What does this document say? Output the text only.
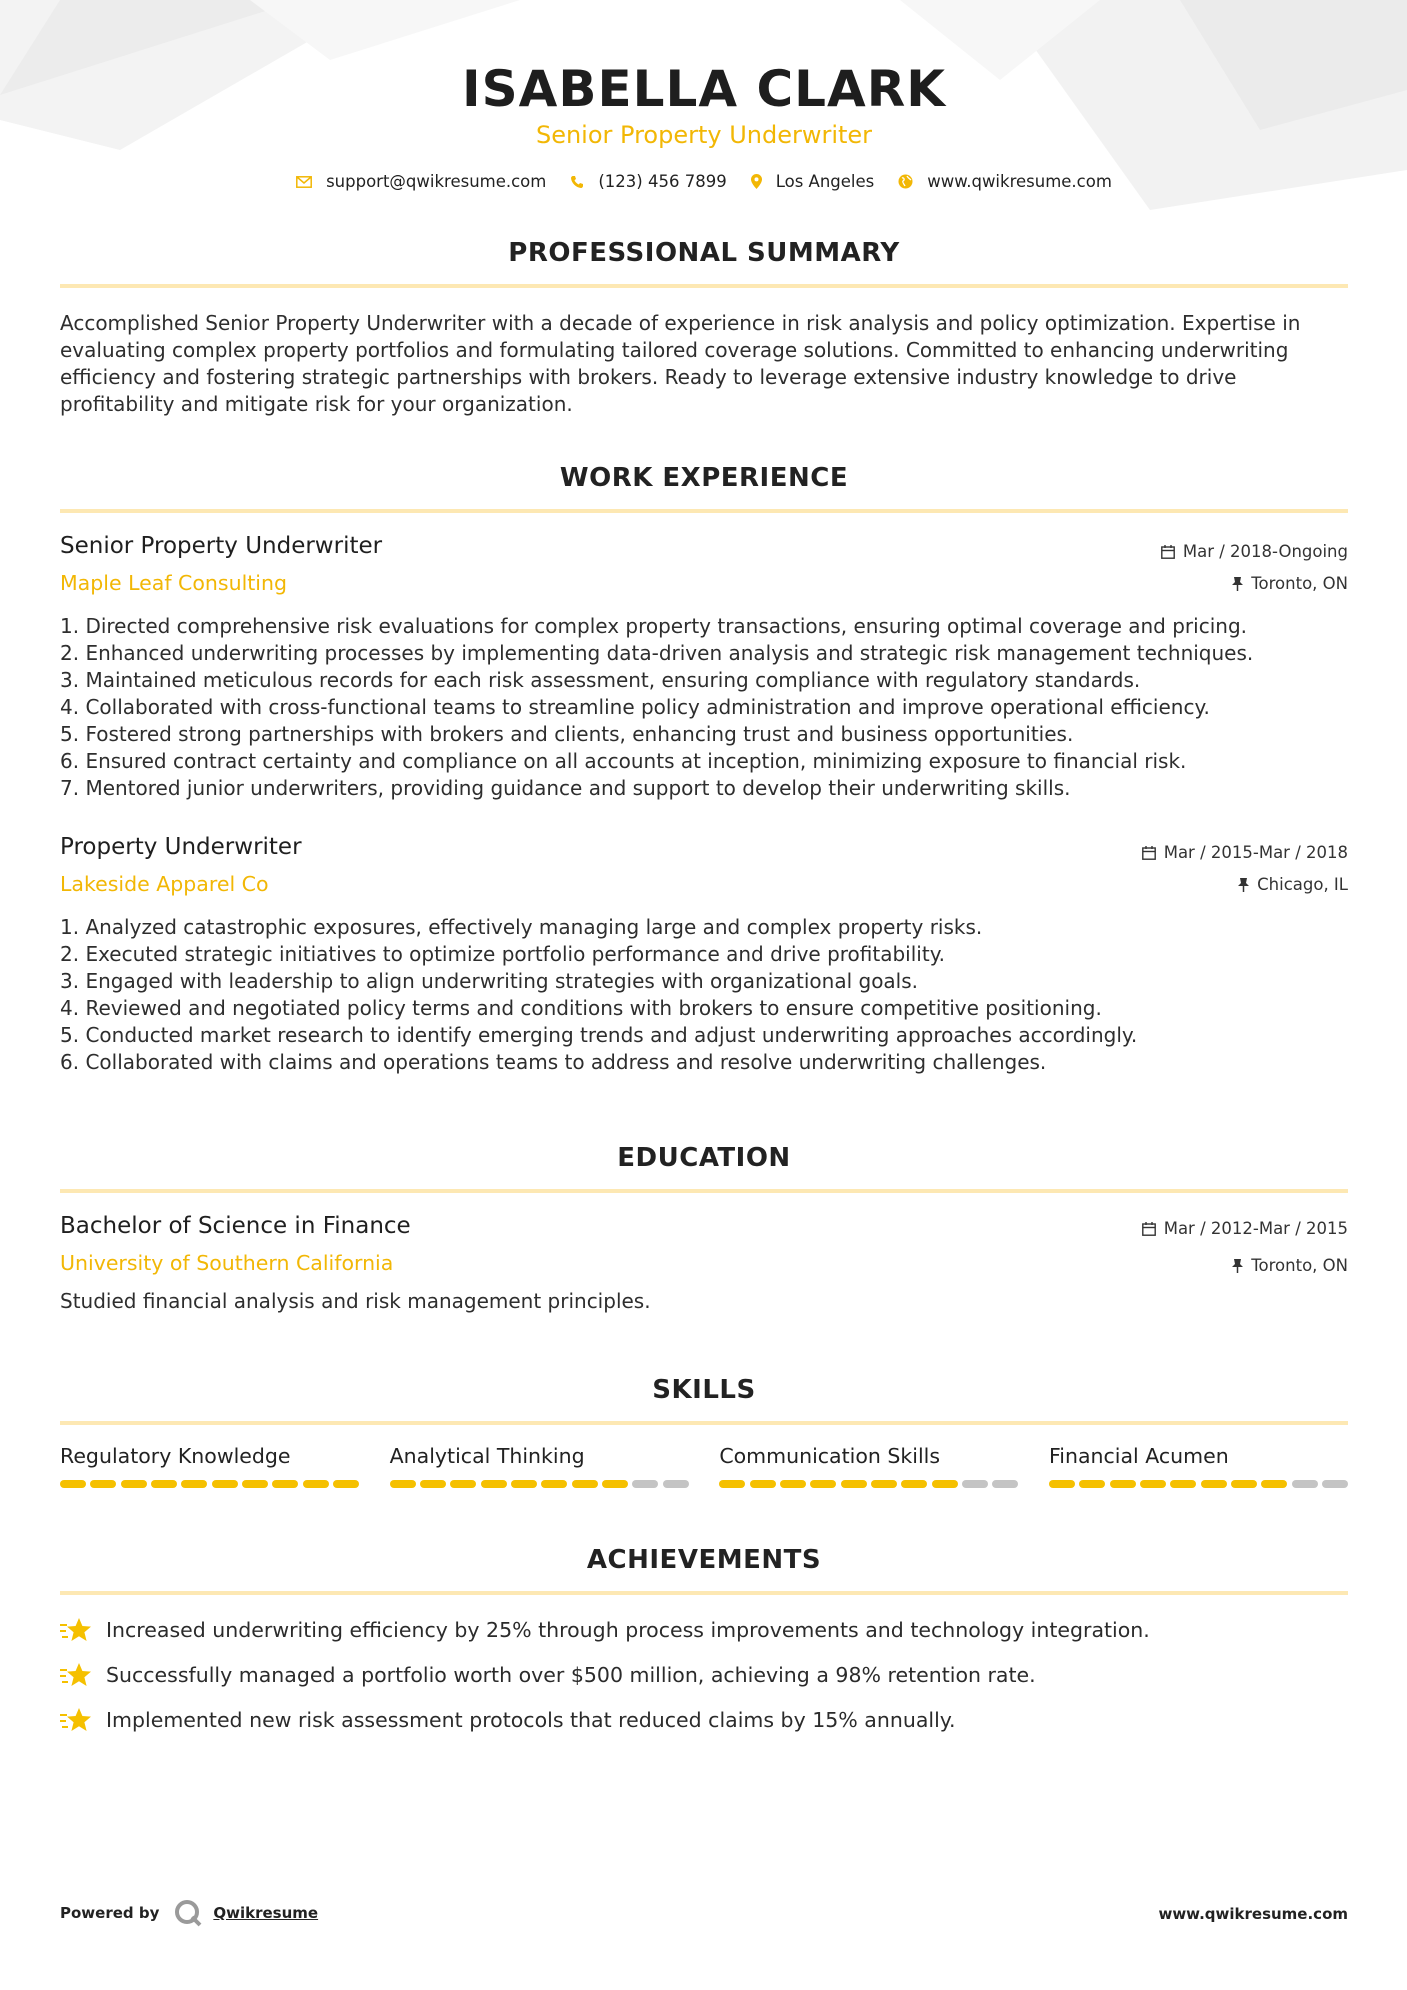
ISABELLA CLARK
Senior Property Underwriter
support@qwikresume.com	(123) 456 7899	Los Angeles	www.qwikresume.com
PROFESSIONAL SUMMARY
Accomplished Senior Property Underwriter with a decade of experience in risk analysis and policy optimization. Expertise in
evaluating complex property portfolios and formulating tailored coverage solutions. Committed to enhancing underwriting
efficiency and fostering strategic partnerships with brokers. Ready to leverage extensive industry knowledge to drive
profitability and mitigate risk for your organization.
WORK EXPERIENCE
Senior Property Underwriter
Maple Leaf Consulting
Mar / 2018-Ongoing
Toronto, ON
1. Directed comprehensive risk evaluations for complex property transactions, ensuring optimal coverage and pricing.
2. Enhanced underwriting processes by implementing data-driven analysis and strategic risk management techniques.
3. Maintained meticulous records for each risk assessment, ensuring compliance with regulatory standards.
4. Collaborated with cross-functional teams to streamline policy administration and improve operational efficiency.
5. Fostered strong partnerships with brokers and clients, enhancing trust and business opportunities.
6. Ensured contract certainty and compliance on all accounts at inception, minimizing exposure to financial risk.
7. Mentored junior underwriters, providing guidance and support to develop their underwriting skills.
Property Underwriter
Lakeside Apparel Co
Mar / 2015-Mar / 2018
Chicago, IL
1. Analyzed catastrophic exposures, effectively managing large and complex property risks.
2. Executed strategic initiatives to optimize portfolio performance and drive profitability.
3. Engaged with leadership to align underwriting strategies with organizational goals.
4. Reviewed and negotiated policy terms and conditions with brokers to ensure competitive positioning.
5. Conducted market research to identify emerging trends and adjust underwriting approaches accordingly.
6. Collaborated with claims and operations teams to address and resolve underwriting challenges.
EDUCATION
Bachelor of Science in Finance
University of Southern California
Mar / 2012-Mar / 2015
Toronto, ON
Studied financial analysis and risk management principles.
SKILLS
Regulatory Knowledge	Analytical Thinking	Communication Skills	Financial Acumen
ACHIEVEMENTS
Increased underwriting efficiency by 25% through process improvements and technology integration.
Successfully managed a portfolio worth over $500 million, achieving a 98% retention rate.
Implemented new risk assessment protocols that reduced claims by 15% annually.
Powered by	Qwikresume	www.qwikresume.com
